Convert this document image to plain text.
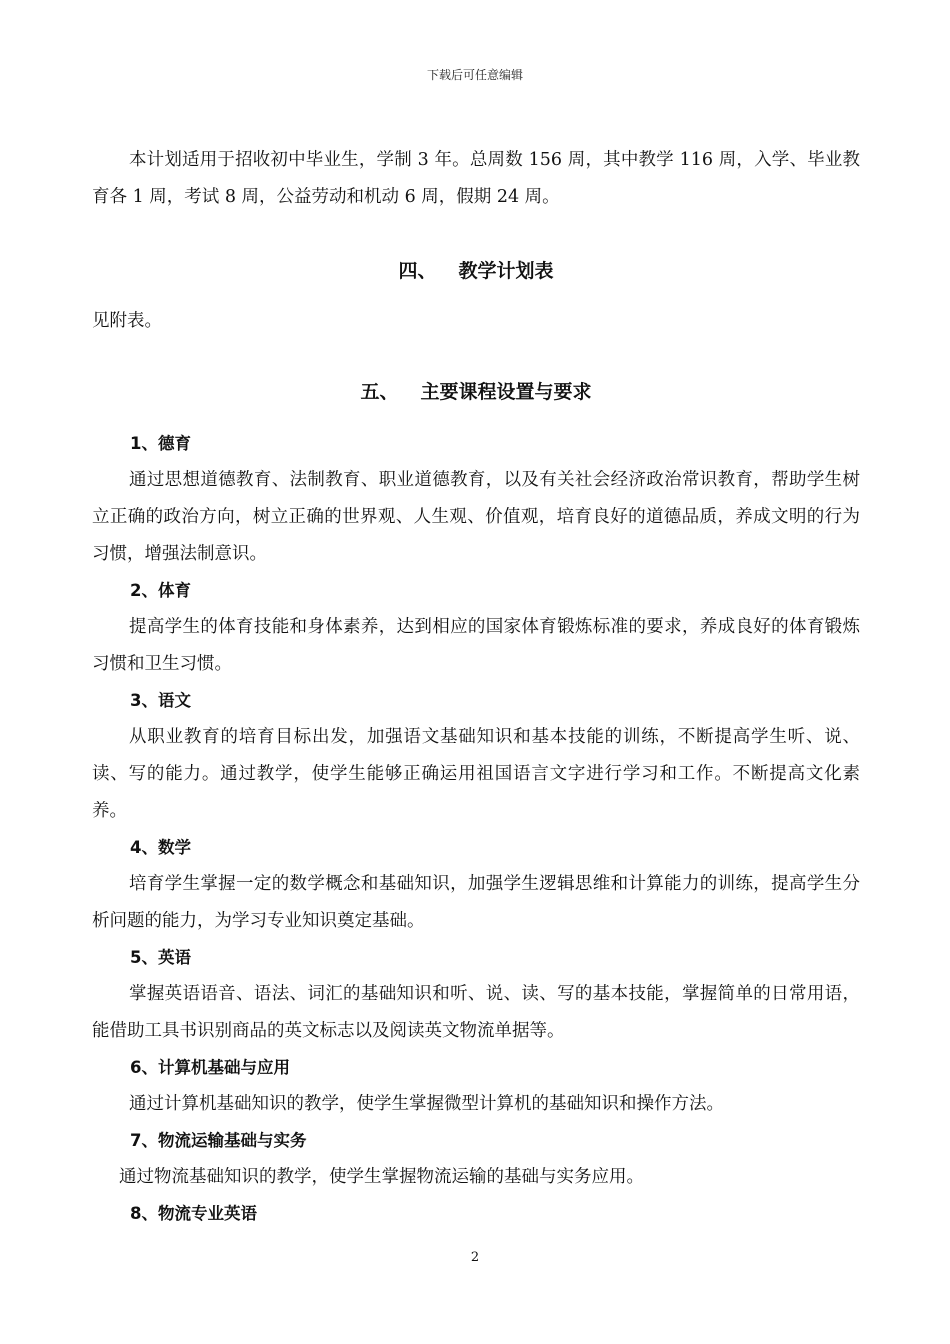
下载后可任意编辑

本计划适用于招收初中毕业生，学制 3 年。总周数 156 周，其中教学 116 周，入学、毕业教育各 1 周，考试 8 周，公益劳动和机动 6 周，假期 24 周。

四、 教学计划表

见附表。

五、 主要课程设置与要求

1、德育

通过思想道德教育、法制教育、职业道德教育，以及有关社会经济政治常识教育，帮助学生树立正确的政治方向，树立正确的世界观、人生观、价值观，培育良好的道德品质，养成文明的行为习惯，增强法制意识。

2、体育

提高学生的体育技能和身体素养，达到相应的国家体育锻炼标准的要求，养成良好的体育锻炼习惯和卫生习惯。

3、语文

从职业教育的培育目标出发，加强语文基础知识和基本技能的训练，不断提高学生听、说、读、写的能力。通过教学，使学生能够正确运用祖国语言文字进行学习和工作。不断提高文化素养。

4、数学

培育学生掌握一定的数学概念和基础知识，加强学生逻辑思维和计算能力的训练，提高学生分析问题的能力，为学习专业知识奠定基础。

5、英语

掌握英语语音、语法、词汇的基础知识和听、说、读、写的基本技能，掌握简单的日常用语，能借助工具书识别商品的英文标志以及阅读英文物流单据等。

6、计算机基础与应用

通过计算机基础知识的教学，使学生掌握微型计算机的基础知识和操作方法。

7、物流运输基础与实务

通过物流基础知识的教学，使学生掌握物流运输的基础与实务应用。

8、物流专业英语

2
